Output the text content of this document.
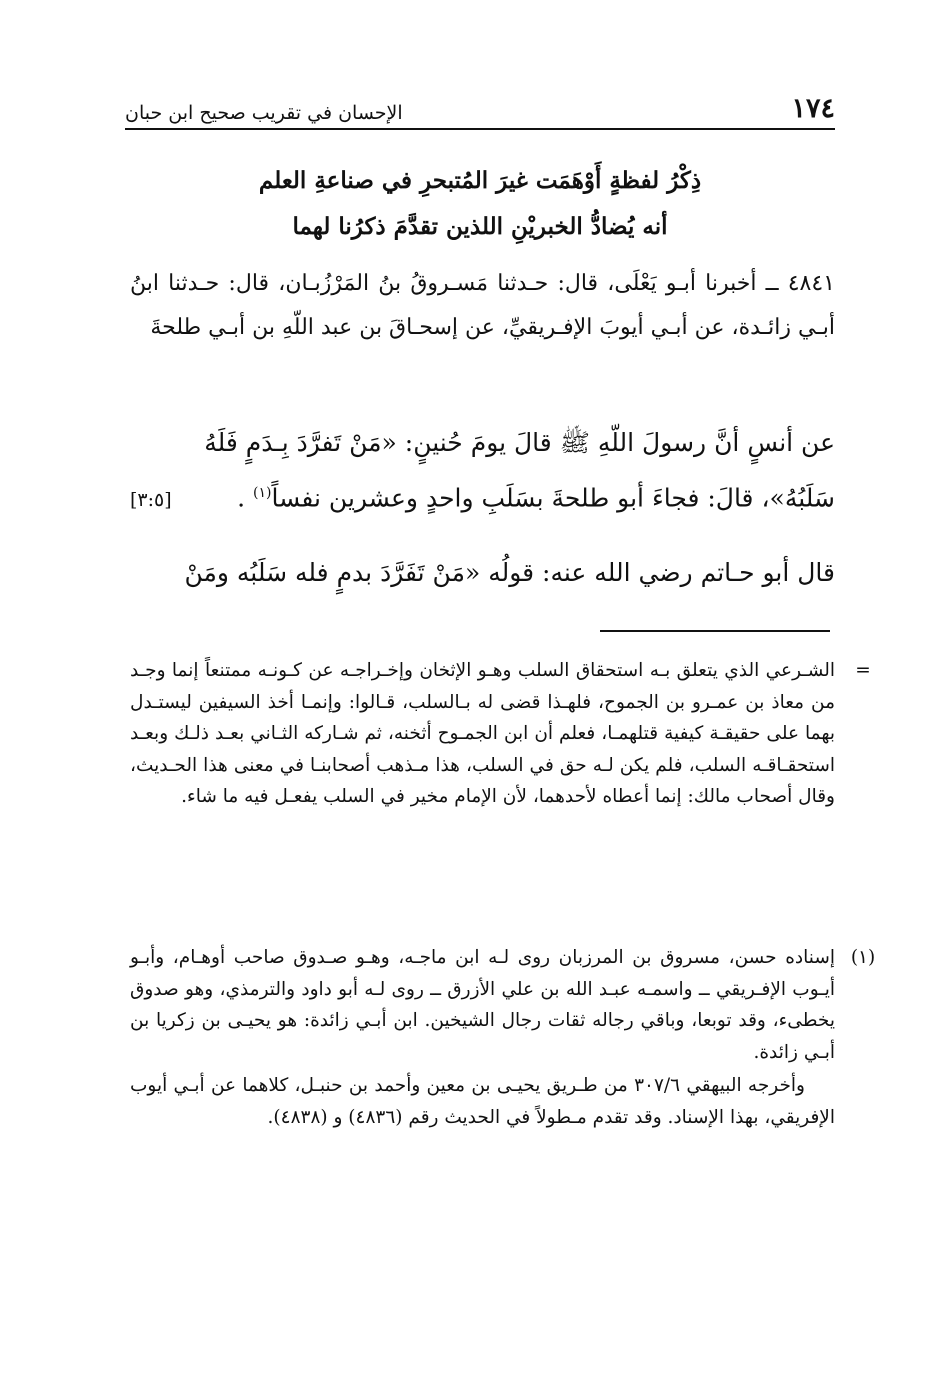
١٧٤
الإحسان في تقريب صحيح ابن حبان
ذِكْرُ لفظةٍ أَوْهَمَت غيرَ المُتبحرِ في صناعةِ العلم
أنه يُضادُّ الخبريْنِ اللذين تقدَّمَ ذكرُنا لهما
٤٨٤١ ــ أخبرنا أبـو يَعْلَى، قال: حـدثنا مَسـروقُ بنُ المَرْزُبـان، قال: حـدثنا ابنُ أبـي زائـدة، عن أبـي أيوبَ الإفـريقيِّ، عن إسحـاقَ بن عبد اللّهِ بن أبـي طلحةَ
عن أنسٍ أنَّ رسولَ اللّهِ ﷺ قالَ يومَ حُنينٍ: «مَنْ تَفرَّدَ بِـدَمٍ فَلَهُ
سَلَبُهُ»، قالَ: فجاءَ أبو طلحةَ بسَلَبِ واحدٍ وعشرين نفساً$^{(١)}$ .
[٣:٥]
قال أبو حـاتم رضي الله عنه: قولُه «مَنْ تَفَرَّدَ بدمٍ فله سَلَبُه ومَنْ
=

الشـرعي الذي يتعلق بـه استحقاق السلب وهـو الإثخان وإخـراجـه عن كـونـه ممتنعاً إنما وجـد من معاذ بن عمـرو بن الجموح، فلهـذا قضى له بـالسلب، قـالوا: وإنمـا أخذ السيفين ليستـدل بهما على حقيقـة كيفية قتلهمـا، فعلم أن ابن الجمـوح أثخنه، ثم شـاركه الثـاني بعـد ذلـك وبعـد استحقـاقـه السلب، فلم يكن لـه حق في السلب، هذا مـذهب أصحابنـا في معنى هذا الحـديث، وقال أصحاب مالك: إنما أعطاه لأحدهما، لأن الإمام مخير في السلب يفعـل فيه ما شاء.

(١)

إسناده حسن، مسروق بن المرزبان روى لـه ابن ماجـه، وهـو صـدوق صاحب أوهـام، وأبـو أيـوب الإفـريقي ــ واسمـه عبـد الله بن علي الأزرق ــ روى لـه أبو داود والترمذي، وهو صدوق يخطىء، وقد توبعا، وباقي رجاله ثقات رجال الشيخين. ابن أبـي زائدة: هو يحيـى بن زكريا بن أبـي زائدة.

وأخرجه البيهقي ٣٠٧/٦ من طـريق يحيـى بن معين وأحمد بن حنبـل، كلاهما عن أبـي أيوب الإفريقي، بهذا الإسناد. وقد تقدم مـطولاً في الحديث رقم (٤٨٣٦) و (٤٨٣٨).
